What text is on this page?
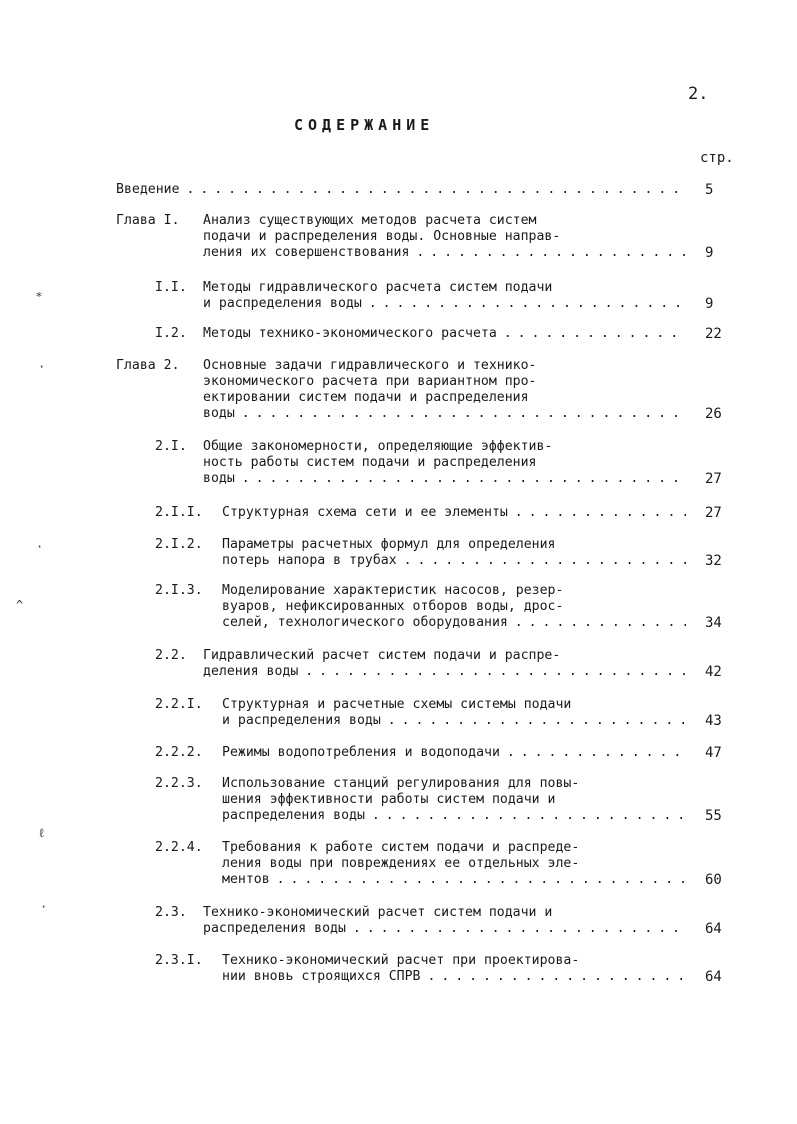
2.
СОДЕРЖАНИЕ
стр.
Введение . . .	5
Глава I. Анализ существующих методов расчета систем
подачи и распределения воды. Основные направ-
ления их совершенствования . . .	9
I.I. Методы гидравлического расчета систем подачи
и распределения воды . . .	9
I.2. Методы технико-экономического расчета . . .	22
Глава 2. Основные задачи гидравлического и технико-
экономического расчета при вариантном про-
ектировании систем подачи и распределения
воды . . .	26
2.I. Общие закономерности, определяющие эффектив-
ность работы систем подачи и распределения
воды . . .	27
2.I.I. Структурная схема сети и ее элементы . . .	27
2.I.2. Параметры расчетных формул для определения
потерь напора в трубах . . .	32
2.I.3. Моделирование характеристик насосов, резер-
вуаров, нефиксированных отборов воды, дрос-
селей, технологического оборудования . . .	34
2.2. Гидравлический расчет систем подачи и распре-
деления воды . . .	42
2.2.I. Структурная и расчетные схемы системы подачи
и распределения воды . . .	43
2.2.2. Режимы водопотребления и водоподачи . . .	47
2.2.3. Использование станций регулирования для повы-
шения эффективности работы систем подачи и
распределения воды . . .	55
2.2.4. Требования к работе систем подачи и распреде-
ления воды при повреждениях ее отдельных эле-
ментов . . .	60
2.3. Технико-экономический расчет систем подачи и
распределения воды . . .	64
2.3.I. Технико-экономический расчет при проектирова-
нии вновь строящихся СПРВ . . .	64
⁎
·
·
^
ℓ
·
